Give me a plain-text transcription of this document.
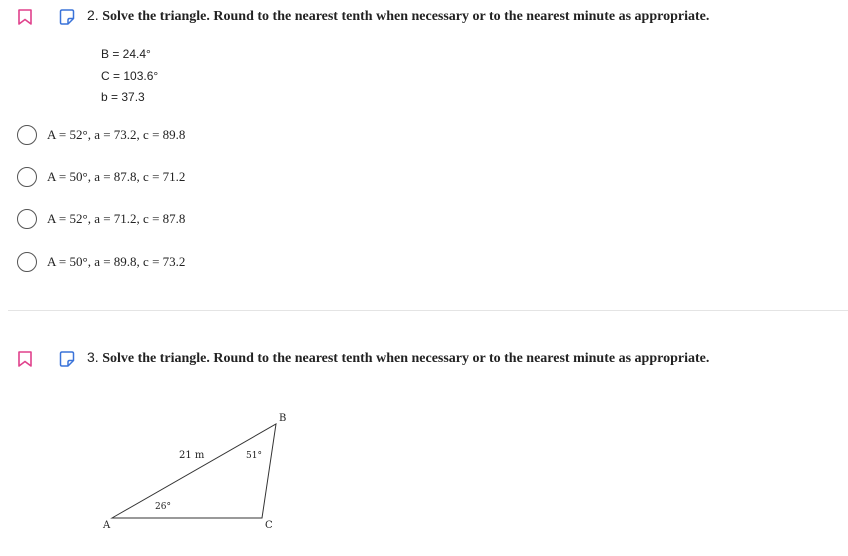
2. Solve the triangle. Round to the nearest tenth when necessary or to the nearest minute as appropriate.
B = 24.4°
C = 103.6°
b = 37.3
A = 52°, a = 73.2, c = 89.8
A = 50°, a = 87.8, c = 71.2
A = 52°, a = 71.2, c = 87.8
A = 50°, a = 89.8, c = 73.2
3. Solve the triangle. Round to the nearest tenth when necessary or to the nearest minute as appropriate.
B
21 m	51°
26°
A	C
